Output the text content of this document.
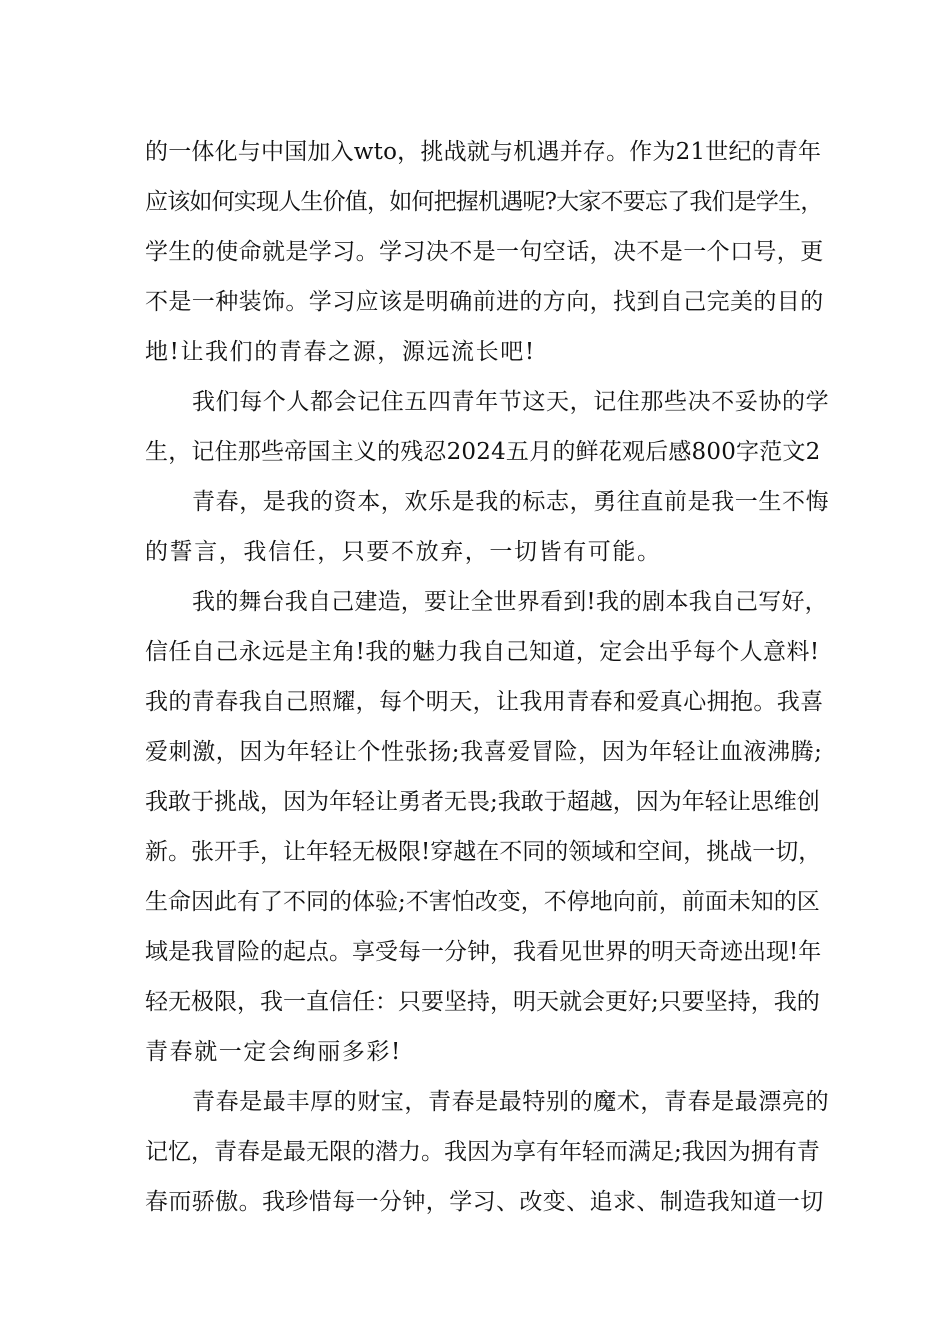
的一体化与中国加入wto，挑战就与机遇并存。作为21世纪的青年
应该如何实现人生价值，如何把握机遇呢?大家不要忘了我们是学生，
学生的使命就是学习。学习决不是一句空话，决不是一个口号，更
不是一种装饰。学习应该是明确前进的方向，找到自己完美的目的
地!让我们的青春之源，源远流长吧!
我们每个人都会记住五四青年节这天，记住那些决不妥协的学
生，记住那些帝国主义的残忍2024五月的鲜花观后感800字范文2
青春，是我的资本，欢乐是我的标志，勇往直前是我一生不悔
的誓言，我信任，只要不放弃，一切皆有可能。
我的舞台我自己建造，要让全世界看到!我的剧本我自己写好，
信任自己永远是主角!我的魅力我自己知道，定会出乎每个人意料!
我的青春我自己照耀，每个明天，让我用青春和爱真心拥抱。我喜
爱刺激，因为年轻让个性张扬;我喜爱冒险，因为年轻让血液沸腾;
我敢于挑战，因为年轻让勇者无畏;我敢于超越，因为年轻让思维创
新。张开手，让年轻无极限!穿越在不同的领域和空间，挑战一切，
生命因此有了不同的体验;不害怕改变，不停地向前，前面未知的区
域是我冒险的起点。享受每一分钟，我看见世界的明天奇迹出现!年
轻无极限，我一直信任：只要坚持，明天就会更好;只要坚持，我的
青春就一定会绚丽多彩!
青春是最丰厚的财宝，青春是最特别的魔术，青春是最漂亮的
记忆，青春是最无限的潜力。我因为享有年轻而满足;我因为拥有青
春而骄傲。我珍惜每一分钟，学习、改变、追求、制造我知道一切
